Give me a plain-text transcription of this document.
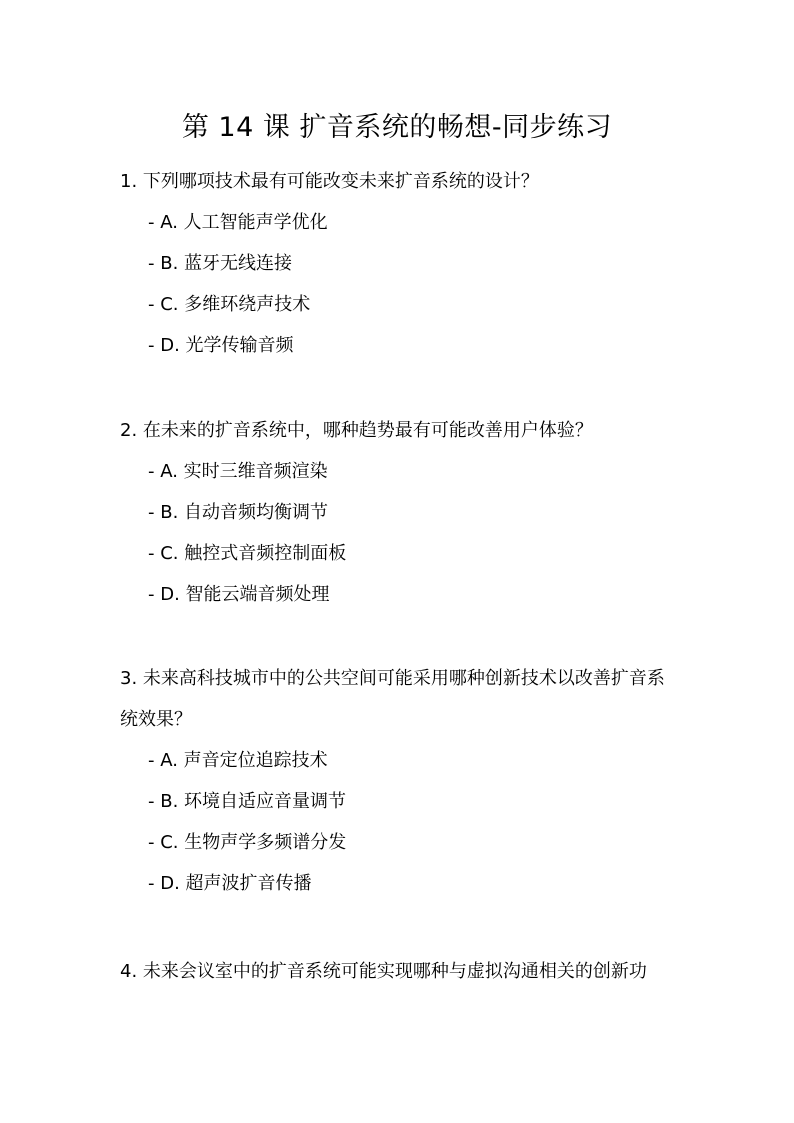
第 14 课 扩音系统的畅想-同步练习

1. 下列哪项技术最有可能改变未来扩音系统的设计？

- A. 人工智能声学优化
- B. 蓝牙无线连接
- C. 多维环绕声技术
- D. 光学传输音频

2. 在未来的扩音系统中，哪种趋势最有可能改善用户体验？

- A. 实时三维音频渲染
- B. 自动音频均衡调节
- C. 触控式音频控制面板
- D. 智能云端音频处理

3. 未来高科技城市中的公共空间可能采用哪种创新技术以改善扩音系统效果？

- A. 声音定位追踪技术
- B. 环境自适应音量调节
- C. 生物声学多频谱分发
- D. 超声波扩音传播

4. 未来会议室中的扩音系统可能实现哪种与虚拟沟通相关的创新功
